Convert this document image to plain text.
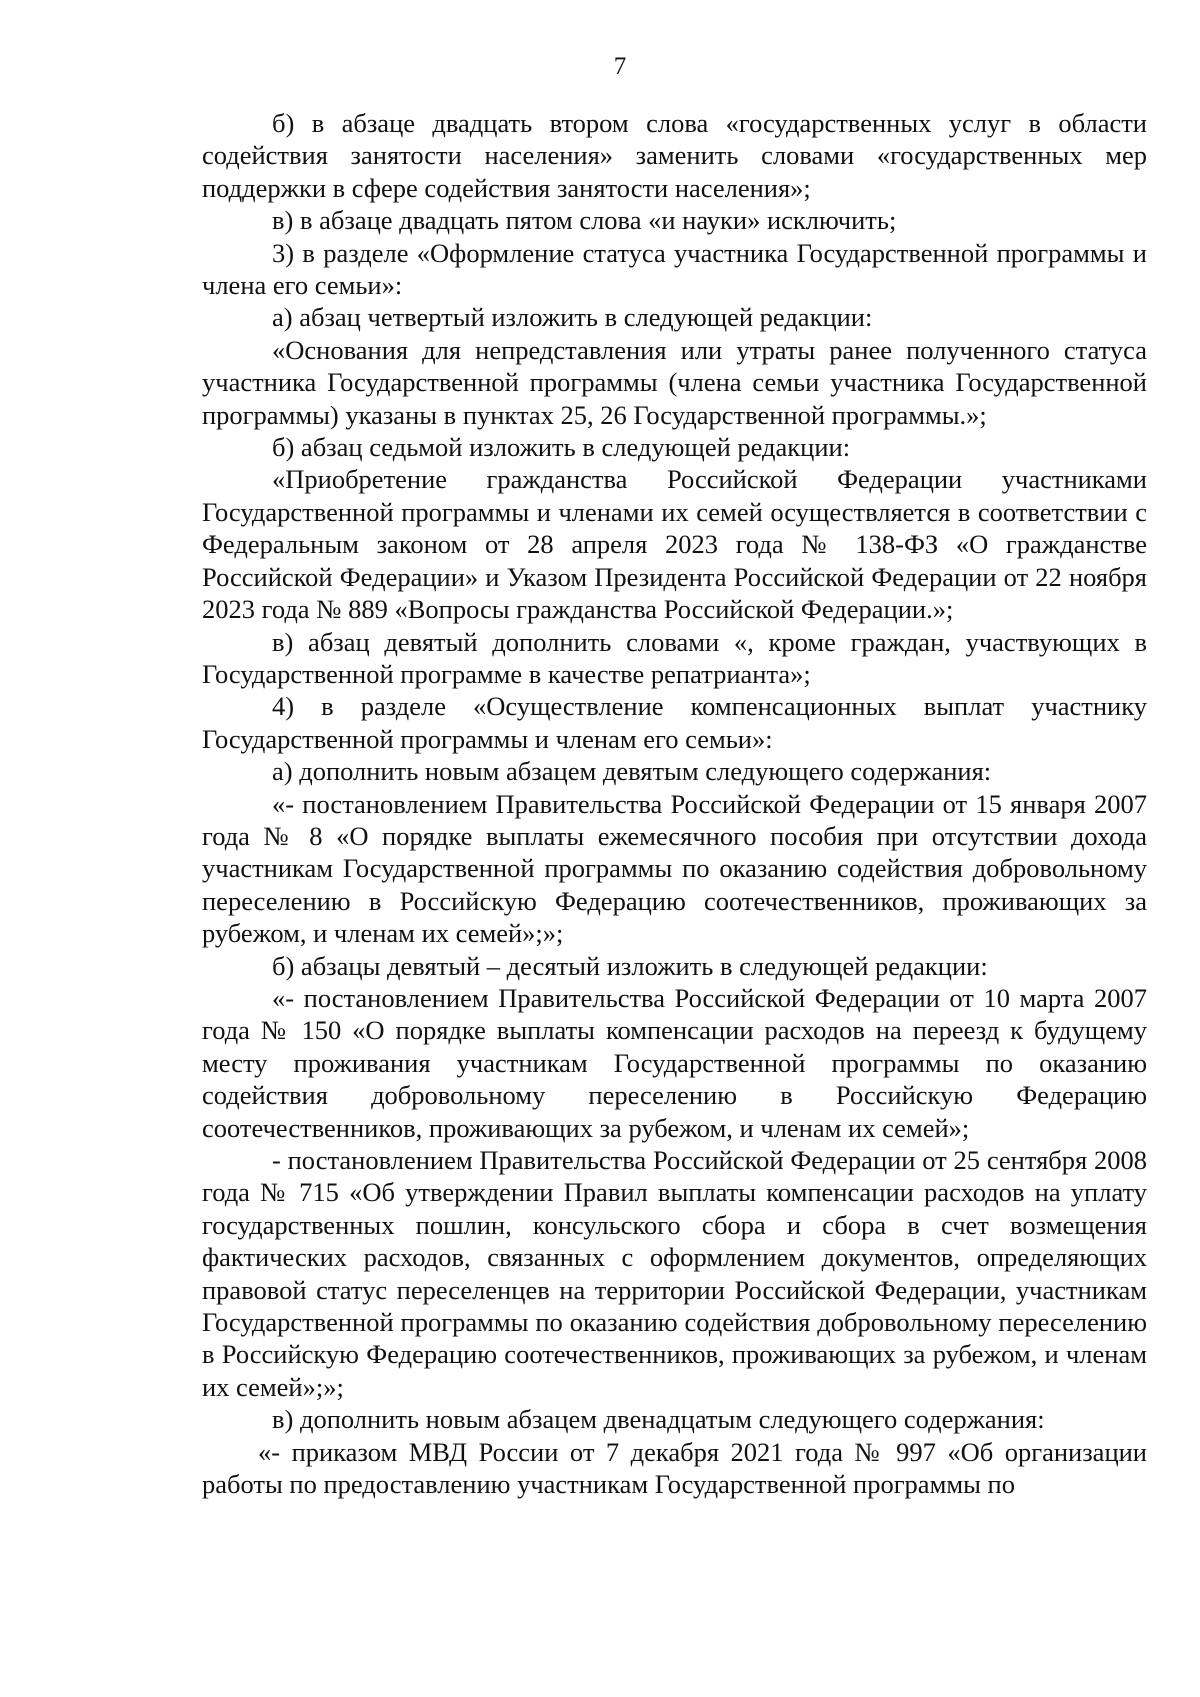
7

б) в абзаце двадцать втором слова «государственных услуг в области содействия занятости населения» заменить словами «государственных мер поддержки в сфере содействия занятости населения»;

в) в абзаце двадцать пятом слова «и науки» исключить;

3) в разделе «Оформление статуса участника Государственной программы и члена его семьи»:

а) абзац четвертый изложить в следующей редакции:

«Основания для непредставления или утраты ранее полученного статуса участника Государственной программы (члена семьи участника Государственной программы) указаны в пунктах 25, 26 Государственной программы.»;

б) абзац седьмой изложить в следующей редакции:

«Приобретение гражданства Российской Федерации участниками Государственной программы и членами их семей осуществляется в соответствии с Федеральным законом от 28 апреля 2023 года № 138-ФЗ «О гражданстве Российской Федерации» и Указом Президента Российской Федерации от 22 ноября 2023 года № 889 «Вопросы гражданства Российской Федерации.»;

в) абзац девятый дополнить словами «, кроме граждан, участвующих в Государственной программе в качестве репатрианта»;

4) в разделе «Осуществление компенсационных выплат участнику Государственной программы и членам его семьи»:

а) дополнить новым абзацем девятым следующего содержания:

«- постановлением Правительства Российской Федерации от 15 января 2007 года № 8 «О порядке выплаты ежемесячного пособия при отсутствии дохода участникам Государственной программы по оказанию содействия добровольному переселению в Российскую Федерацию соотечественников, проживающих за рубежом, и членам их семей»;»;

б) абзацы девятый – десятый изложить в следующей редакции:

«- постановлением Правительства Российской Федерации от 10 марта 2007 года № 150 «О порядке выплаты компенсации расходов на переезд к будущему месту проживания участникам Государственной программы по оказанию содействия добровольному переселению в Российскую Федерацию соотечественников, проживающих за рубежом, и членам их семей»;

- постановлением Правительства Российской Федерации от 25 сентября 2008 года № 715 «Об утверждении Правил выплаты компенсации расходов на уплату государственных пошлин, консульского сбора и сбора в счет возмещения фактических расходов, связанных с оформлением документов, определяющих правовой статус переселенцев на территории Российской Федерации, участникам Государственной программы по оказанию содействия добровольному переселению в Российскую Федерацию соотечественников, проживающих за рубежом, и членам их семей»;»;

в) дополнить новым абзацем двенадцатым следующего содержания:

«- приказом МВД России от 7 декабря 2021 года № 997 «Об организации работы по предоставлению участникам Государственной программы по
